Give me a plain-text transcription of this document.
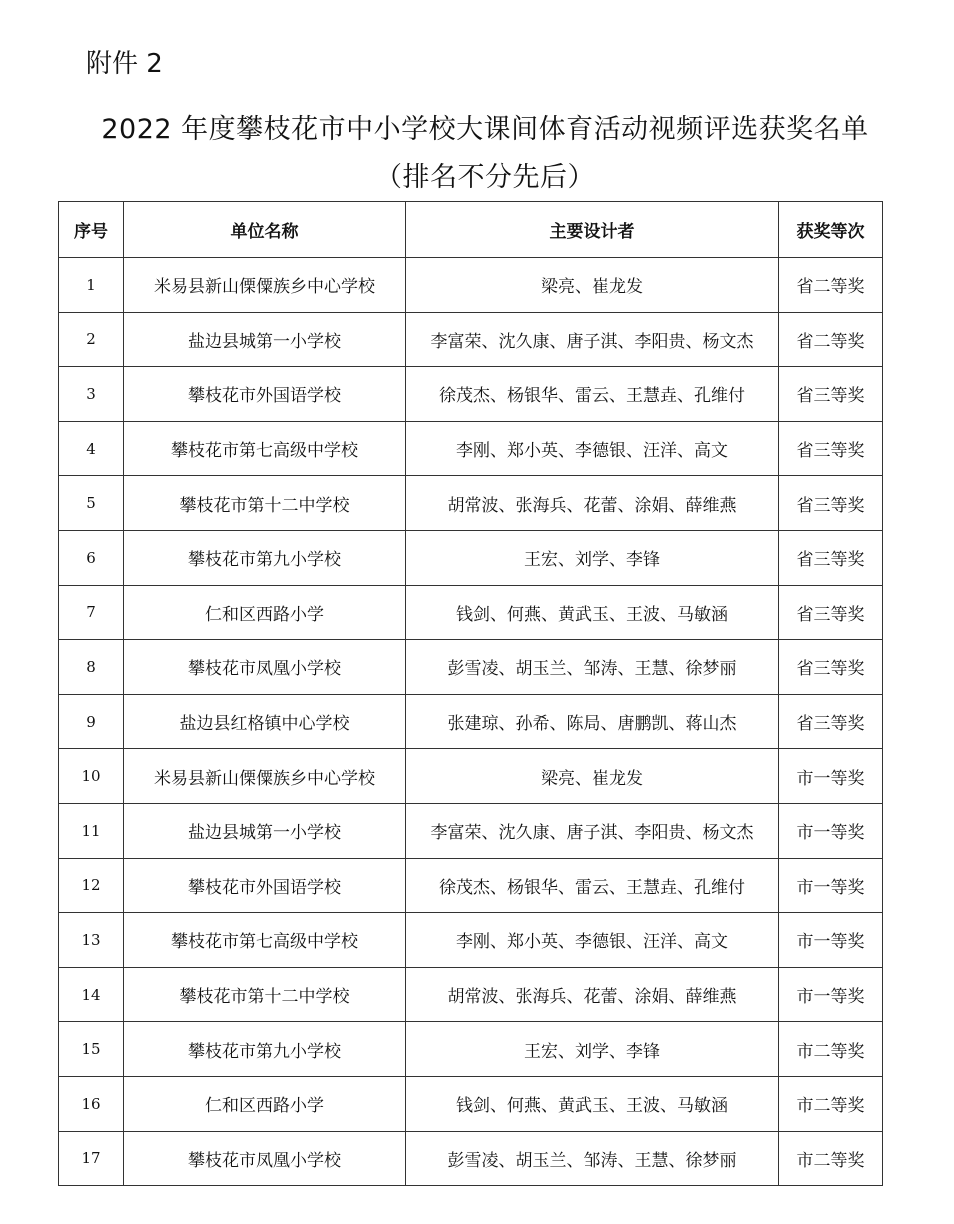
附件 2
2022 年度攀枝花市中小学校大课间体育活动视频评选获奖名单
（排名不分先后）
序号	单位名称	主要设计者	获奖等次
1	米易县新山傈僳族乡中心学校	梁亮、崔龙发	省二等奖
2	盐边县城第一小学校	李富荣、沈久康、唐子淇、李阳贵、杨文杰	省二等奖
3	攀枝花市外国语学校	徐茂杰、杨银华、雷云、王慧垚、孔维付	省三等奖
4	攀枝花市第七高级中学校	李刚、郑小英、李德银、汪洋、高文	省三等奖
5	攀枝花市第十二中学校	胡常波、张海兵、花蕾、涂娟、薛维燕	省三等奖
6	攀枝花市第九小学校	王宏、刘学、李锋	省三等奖
7	仁和区西路小学	钱剑、何燕、黄武玉、王波、马敏涵	省三等奖
8	攀枝花市凤凰小学校	彭雪凌、胡玉兰、邹涛、王慧、徐梦丽	省三等奖
9	盐边县红格镇中心学校	张建琼、孙希、陈局、唐鹏凯、蒋山杰	省三等奖
10	米易县新山傈僳族乡中心学校	梁亮、崔龙发	市一等奖
11	盐边县城第一小学校	李富荣、沈久康、唐子淇、李阳贵、杨文杰	市一等奖
12	攀枝花市外国语学校	徐茂杰、杨银华、雷云、王慧垚、孔维付	市一等奖
13	攀枝花市第七高级中学校	李刚、郑小英、李德银、汪洋、高文	市一等奖
14	攀枝花市第十二中学校	胡常波、张海兵、花蕾、涂娟、薛维燕	市一等奖
15	攀枝花市第九小学校	王宏、刘学、李锋	市二等奖
16	仁和区西路小学	钱剑、何燕、黄武玉、王波、马敏涵	市二等奖
17	攀枝花市凤凰小学校	彭雪凌、胡玉兰、邹涛、王慧、徐梦丽	市二等奖
